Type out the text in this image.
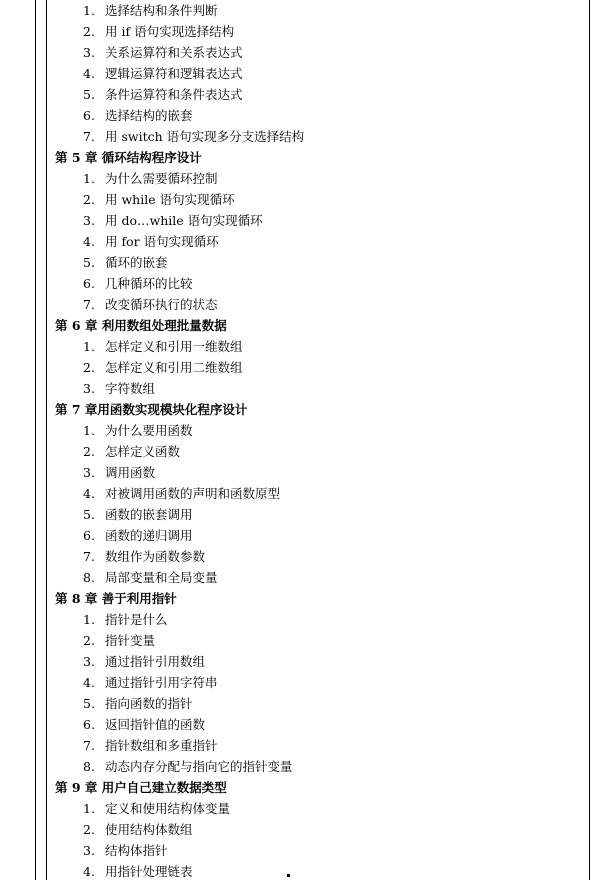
1. 选择结构和条件判断
2. 用 if 语句实现选择结构
3. 关系运算符和关系表达式
4. 逻辑运算符和逻辑表达式
5. 条件运算符和条件表达式
6. 选择结构的嵌套
7. 用 switch 语句实现多分支选择结构
第 5 章 循环结构程序设计
1. 为什么需要循环控制
2. 用 while 语句实现循环
3. 用 do…while 语句实现循环
4. 用 for 语句实现循环
5. 循环的嵌套
6. 几种循环的比较
7. 改变循环执行的状态
第 6 章 利用数组处理批量数据
1. 怎样定义和引用一维数组
2. 怎样定义和引用二维数组
3. 字符数组
第 7 章用函数实现模块化程序设计
1. 为什么要用函数
2. 怎样定义函数
3. 调用函数
4. 对被调用函数的声明和函数原型
5. 函数的嵌套调用
6. 函数的递归调用
7. 数组作为函数参数
8. 局部变量和全局变量
第 8 章 善于利用指针
1. 指针是什么
2. 指针变量
3. 通过指针引用数组
4. 通过指针引用字符串
5. 指向函数的指针
6. 返回指针值的函数
7. 指针数组和多重指针
8. 动态内存分配与指向它的指针变量
第 9 章 用户自己建立数据类型
1. 定义和使用结构体变量
2. 使用结构体数组
3. 结构体指针
4. 用指针处理链表
